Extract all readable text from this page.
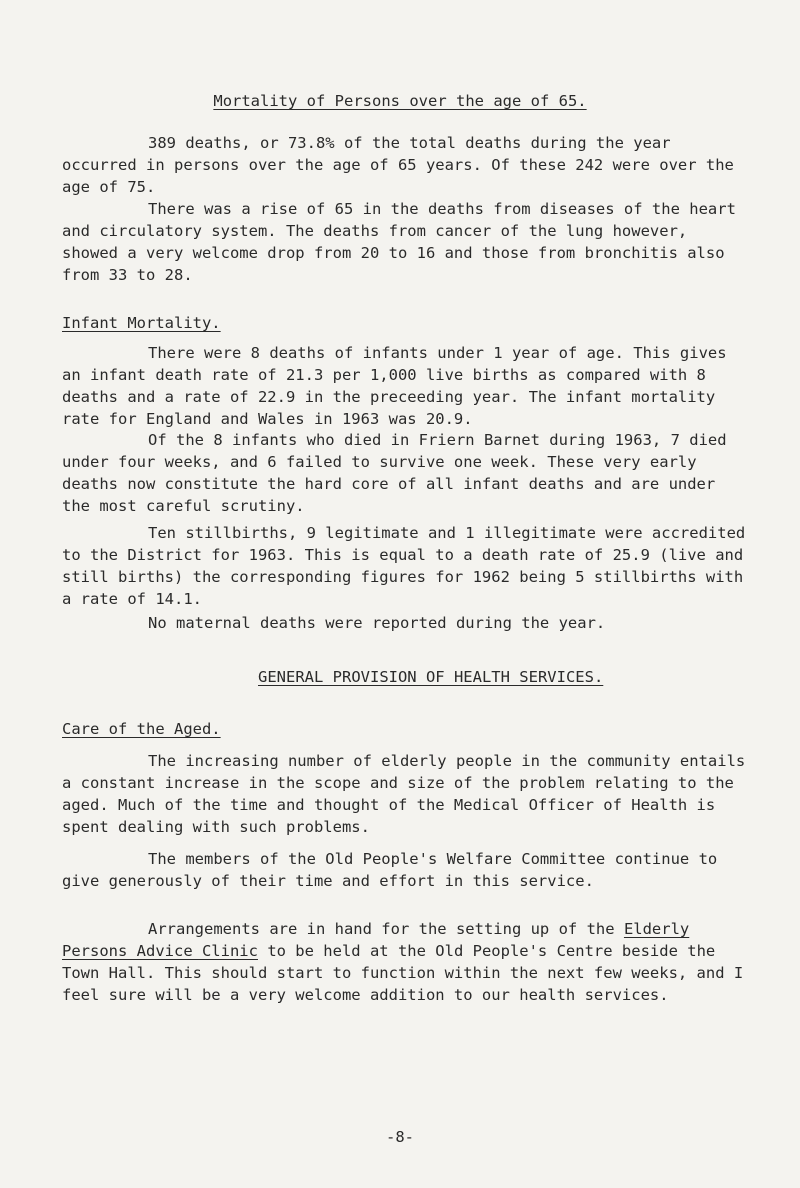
Mortality of Persons over the age of 65.

389 deaths, or 73.8% of the total deaths during the year occurred in persons over the age of 65 years. Of these 242 were over the age of 75.

There was a rise of 65 in the deaths from diseases of the heart and circulatory system. The deaths from cancer of the lung however, showed a very welcome drop from 20 to 16 and those from bronchitis also from 33 to 28.

Infant Mortality.

There were 8 deaths of infants under 1 year of age. This gives an infant death rate of 21.3 per 1,000 live births as compared with 8 deaths and a rate of 22.9 in the preceeding year. The infant mortality rate for England and Wales in 1963 was 20.9.

Of the 8 infants who died in Friern Barnet during 1963, 7 died under four weeks, and 6 failed to survive one week. These very early deaths now constitute the hard core of all infant deaths and are under the most careful scrutiny.

Ten stillbirths, 9 legitimate and 1 illegitimate were accredited to the District for 1963. This is equal to a death rate of 25.9 (live and still births) the corresponding figures for 1962 being 5 stillbirths with a rate of 14.1.

No maternal deaths were reported during the year.

GENERAL PROVISION OF HEALTH SERVICES.
Care of the Aged.

The increasing number of elderly people in the community entails a constant increase in the scope and size of the problem relating to the aged. Much of the time and thought of the Medical Officer of Health is spent dealing with such problems.

The members of the Old People's Welfare Committee continue to give generously of their time and effort in this service.

Arrangements are in hand for the setting up of the Elderly Persons Advice Clinic to be held at the Old People's Centre beside the Town Hall. This should start to function within the next few weeks, and I feel sure will be a very welcome addition to our health services.

-8-
